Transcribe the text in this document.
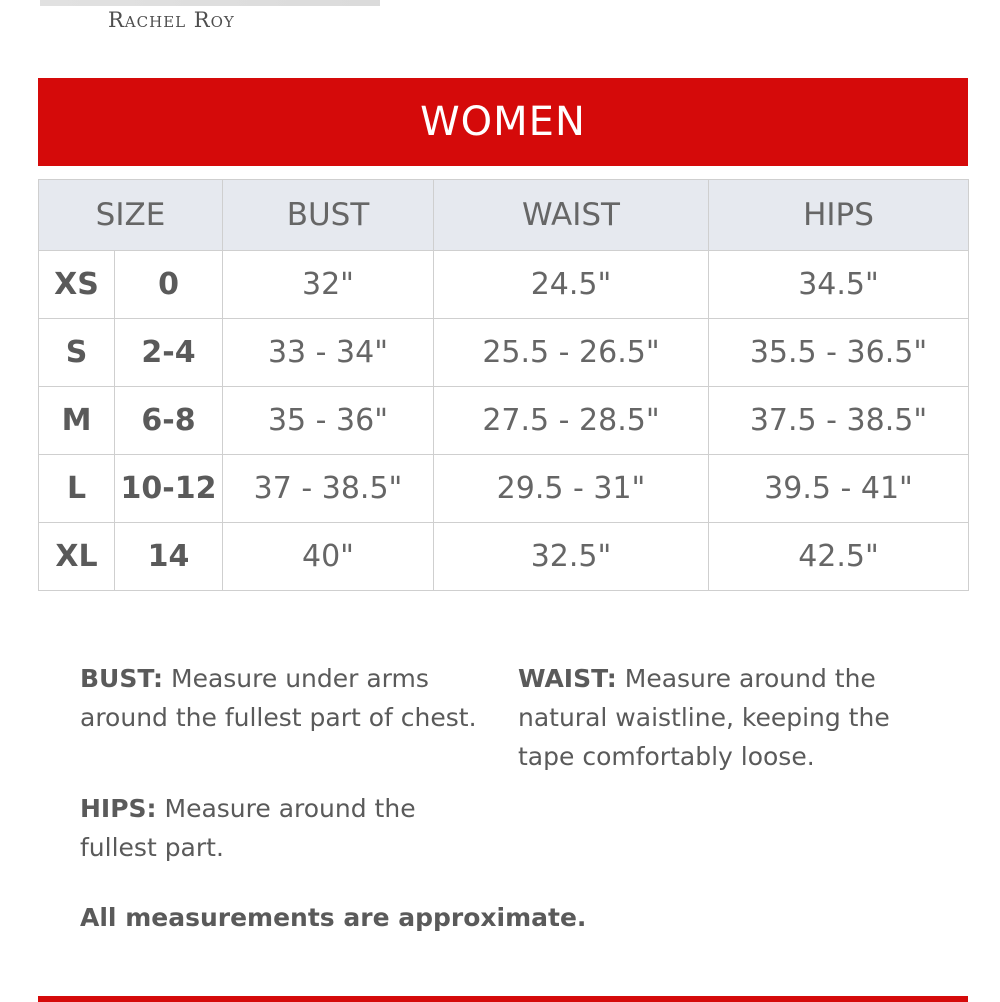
Rachel Roy
WOMEN
SIZE		BUST	WAIST	HIPS
XS	0	32"	24.5"	34.5"
S	2-4	33 - 34"	25.5 - 26.5"	35.5 - 36.5"
M	6-8	35 - 36"	27.5 - 28.5"	37.5 - 38.5"
L	10-12	37 - 38.5"	29.5 - 31"	39.5 - 41"
XL	14	40"	32.5"	42.5"
BUST: Measure under arms around the fullest part of chest.
WAIST: Measure around the natural waistline, keeping the tape comfortably loose.
HIPS: Measure around the fullest part.
All measurements are approximate.
